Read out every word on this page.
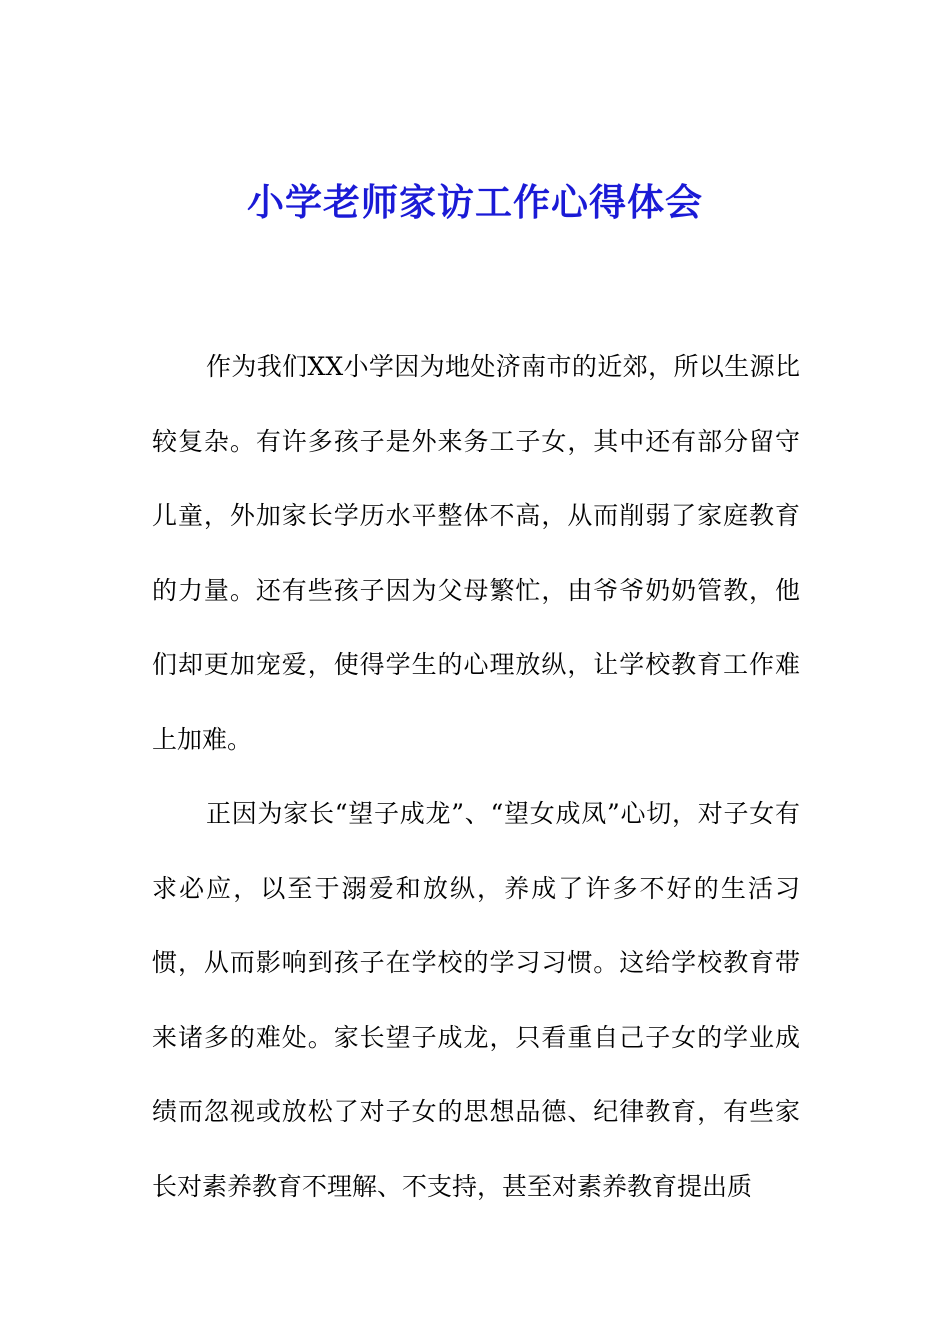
小学老师家访工作心得体会

作为我们XX小学因为地处济南市的近郊，所以生源比较复杂。有许多孩子是外来务工子女，其中还有部分留守儿童，外加家长学历水平整体不高，从而削弱了家庭教育的力量。还有些孩子因为父母繁忙，由爷爷奶奶管教，他们却更加宠爱，使得学生的心理放纵，让学校教育工作难上加难。

正因为家长“望子成龙”、“望女成凤”心切，对子女有求必应，以至于溺爱和放纵，养成了许多不好的生活习惯，从而影响到孩子在学校的学习习惯。这给学校教育带来诸多的难处。家长望子成龙，只看重自己子女的学业成绩而忽视或放松了对子女的思想品德、纪律教育，有些家长对素养教育不理解、不支持，甚至对素养教育提出质
